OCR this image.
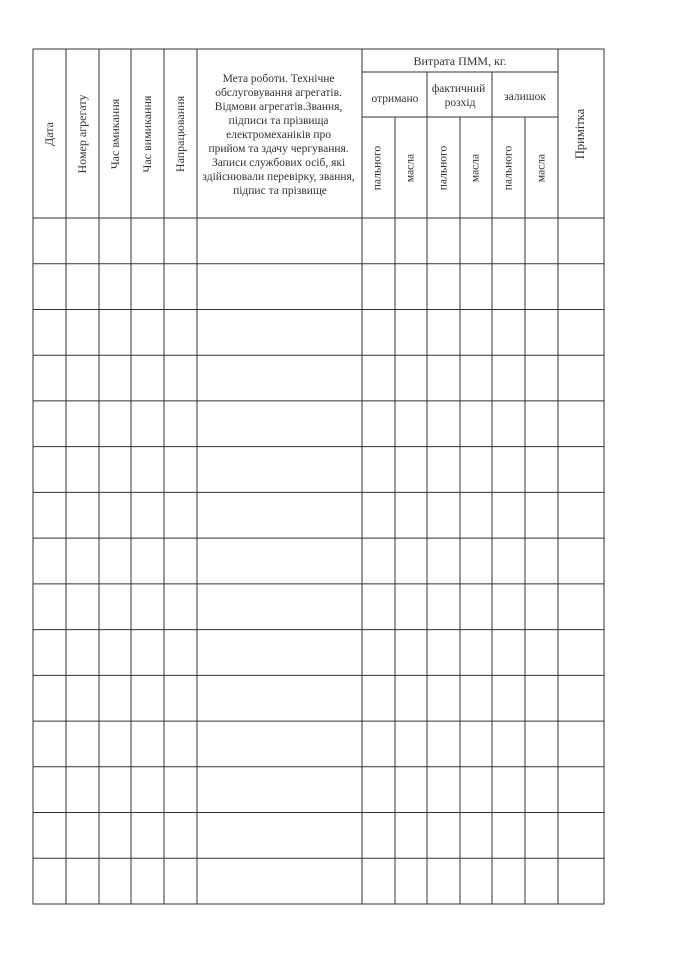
Дата Номер агрегату Час вмикання Час вимикання Напрацювання
Мета роботи. Технічне обслуговування агрегатів. Відмови агрегатів.Звання, підписи та прізвища електромеханіків про прийом та здачу чергування. Записи службових осіб, які здійснювали перевірку, звання, підпис та прізвище
Витрата ПММ, кг.
отримано
фактичний розхід	залишок
пального масла пального масла пального масла
Примітка
